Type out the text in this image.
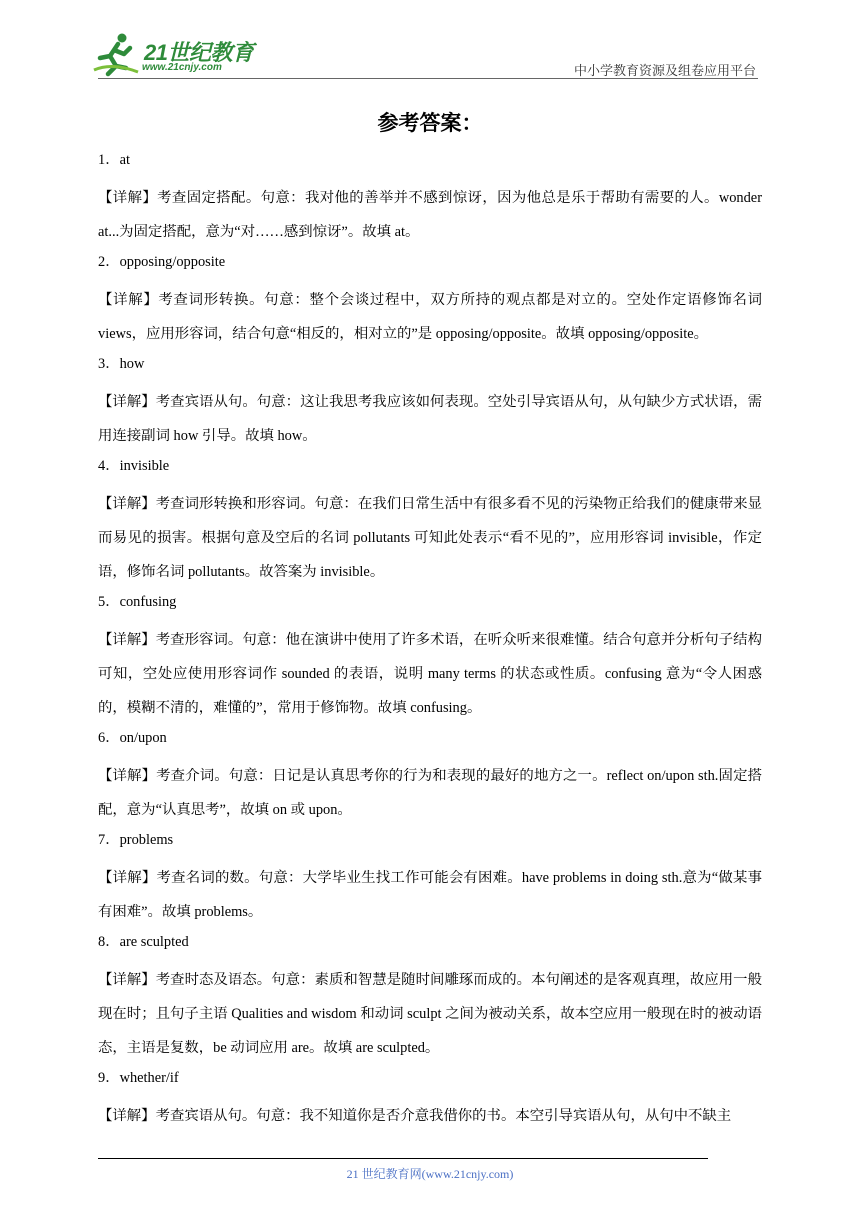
21世纪教育
www.21cnjy.com	中小学教育资源及组卷应用平台
参考答案：
1．at
【详解】考查固定搭配。句意：我对他的善举并不感到惊讶，因为他总是乐于帮助有需要的人。wonder at...为固定搭配，意为“对……感到惊讶”。故填 at。
2．opposing/opposite
【详解】考查词形转换。句意：整个会谈过程中，双方所持的观点都是对立的。空处作定语修饰名词 views，应用形容词，结合句意“相反的，相对立的”是 opposing/opposite。故填 opposing/opposite。
3．how
【详解】考查宾语从句。句意：这让我思考我应该如何表现。空处引导宾语从句，从句缺少方式状语，需用连接副词 how 引导。故填 how。
4．invisible
【详解】考查词形转换和形容词。句意：在我们日常生活中有很多看不见的污染物正给我们的健康带来显而易见的损害。根据句意及空后的名词 pollutants 可知此处表示“看不见的”，应用形容词 invisible，作定语，修饰名词 pollutants。故答案为 invisible。
5．confusing
【详解】考查形容词。句意：他在演讲中使用了许多术语，在听众听来很难懂。结合句意并分析句子结构可知，空处应使用形容词作 sounded 的表语，说明 many terms 的状态或性质。confusing 意为“令人困惑的，模糊不清的，难懂的”，常用于修饰物。故填 confusing。
6．on/upon
【详解】考查介词。句意：日记是认真思考你的行为和表现的最好的地方之一。reflect on/upon sth.固定搭配，意为“认真思考”，故填 on 或 upon。
7．problems
【详解】考查名词的数。句意：大学毕业生找工作可能会有困难。have problems in doing sth.意为“做某事有困难”。故填 problems。
8．are sculpted
【详解】考查时态及语态。句意：素质和智慧是随时间雕琢而成的。本句阐述的是客观真理，故应用一般现在时；且句子主语 Qualities and wisdom 和动词 sculpt 之间为被动关系，故本空应用一般现在时的被动语态，主语是复数，be 动词应用 are。故填 are sculpted。
9．whether/if
【详解】考查宾语从句。句意：我不知道你是否介意我借你的书。本空引导宾语从句，从句中不缺主
21 世纪教育网(www.21cnjy.com)
